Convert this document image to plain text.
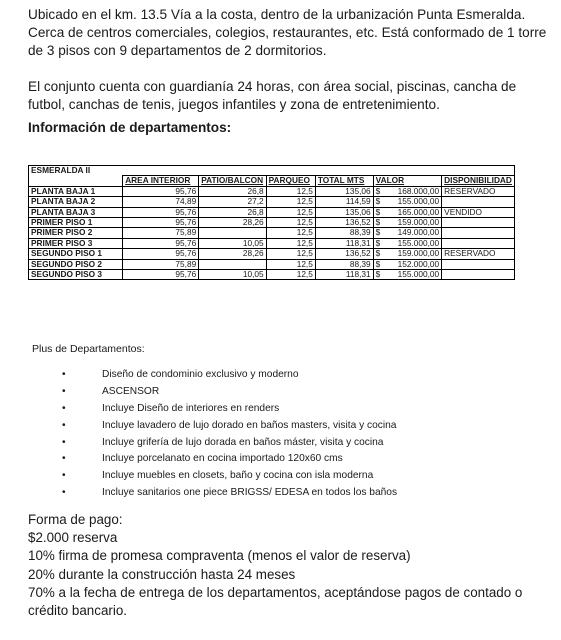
Ubicado en el km. 13.5 Vía a la costa, dentro de la urbanización Punta Esmeralda. Cerca de centros comerciales, colegios, restaurantes, etc. Está conformado de 1 torre de 3 pisos con 9 departamentos de 2 dormitorios.

El conjunto cuenta con guardianía 24 horas, con área social, piscinas, cancha de futbol, canchas de tenis, juegos infantiles y zona de entretenimiento.

Información de departamentos:
ESMERALDA II						
	AREA INTERIOR	PATIO/BALCON	PARQUEO	TOTAL MTS	VALOR	DISPONIBILIDAD
PLANTA BAJA 1	95,76	26,8	12,5	135,06	$ 168.000,00	RESERVADO
PLANTA BAJA 2	74,89	27,2	12,5	114,59	$ 155.000,00	

PLANTA BAJA 3	95,76	26,8	12,5	135,06	$ 165.000,00	VENDIDO
PRIMER PISO 1	95,76	28,26	12,5	136,52	$ 159.000,00	

PRIMER PISO 2	75,89		12,5	88,39	$ 149.000,00	

PRIMER PISO 3	95,76	10,05	12,5	118,31	$ 155.000,00	

SEGUNDO PISO 1	95,76	28,26	12,5	136,52	$ 159.000,00	RESERVADO
SEGUNDO PISO 2	75,89		12,5	88,39	$ 152.000,00	

SEGUNDO PISO 3	95,76	10,05	12,5	118,31	$ 155.000,00	

Plus de Departamentos:
•	Diseño de condominio exclusivo y moderno
•	ASCENSOR
•	Incluye Diseño de interiores en renders
•	Incluye lavadero de lujo dorado en baños masters, visita y cocina
•	Incluye grifería de lujo dorada en baños máster, visita y cocina
•	Incluye porcelanato en cocina importado 120x60 cms
•	Incluye muebles en closets, baño y cocina con isla moderna
•	Incluye sanitarios one piece BRIGSS/ EDESA en todos los baños
Forma de pago:
$2.000 reserva
10% firma de promesa compraventa (menos el valor de reserva)
20% durante la construcción hasta 24 meses
70% a la fecha de entrega de los departamentos, aceptándose pagos de contado o
crédito bancario.
